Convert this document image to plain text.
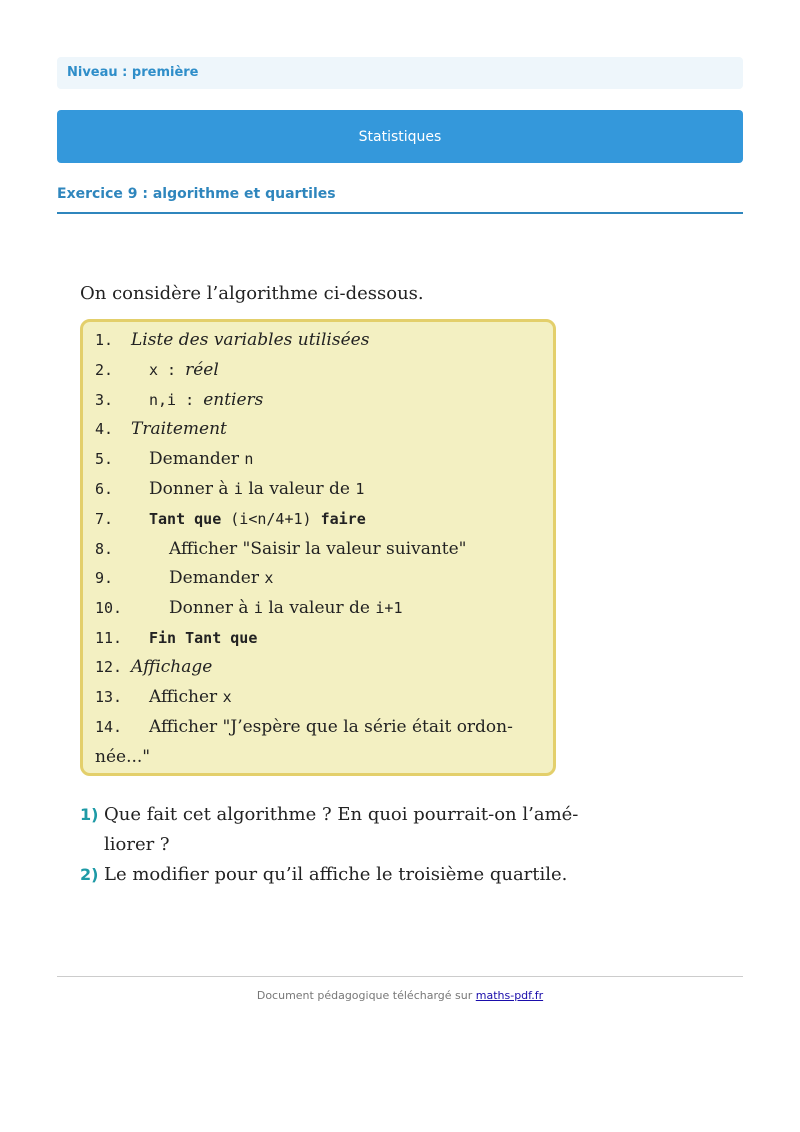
Niveau : première
Statistiques
Exercice 9 : algorithme et quartiles
On considère l’algorithme ci-dessous.
1. Liste des variables utilisées
2. x : réel
3. n,i : entiers
4. Traitement
5. Demander n
6. Donner à i la valeur de 1
7. Tant que (i<n/4+1) faire
8.	Afficher "Saisir la valeur suivante"
9.	Demander x
10.	Donner à i la valeur de i+1
11. Fin Tant que
12. Affichage
13. Afficher x
14. Afficher "J’espère que la série était ordon-
née..."
1) Que fait cet algorithme ? En quoi pourrait-on l’amé-
liorer ?
2) Le modifier pour qu’il affiche le troisième quartile.
Document pédagogique téléchargé sur maths-pdf.fr
